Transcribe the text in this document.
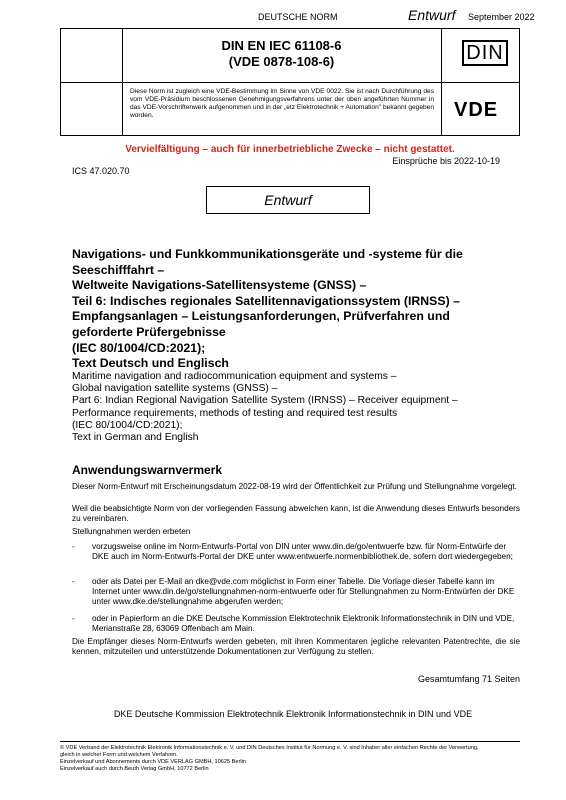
DEUTSCHE NORM	Entwurf September 2022
DIN EN IEC 61108-6
(VDE 0878-108-6)	DIN
VDE
Diese Norm ist zugleich eine VDE-Bestimmung im Sinne von VDE 0022. Sie ist nach Durchführung des vom VDE-Präsidium beschlossenen Genehmigungsverfahrens unter der oben angeführten Nummer in das VDE-Vorschriftenwerk aufgenommen und in der „etz Elektrotechnik + Automation" bekannt gegeben worden.
Vervielfältigung – auch für innerbetriebliche Zwecke – nicht gestattet.
Einsprüche bis 2022-10-19
ICS 47.020.70
Entwurf
Navigations- und Funkkommunikationsgeräte und -systeme für die
Seeschifffahrt –
Weltweite Navigations-Satellitensysteme (GNSS) –
Teil 6: Indisches regionales Satellitennavigationssystem (IRNSS) –
Empfangsanlagen – Leistungsanforderungen, Prüfverfahren und
geforderte Prüfergebnisse
(IEC 80/1004/CD:2021);
Text Deutsch und Englisch
Maritime navigation and radiocommunication equipment and systems –
Global navigation satellite systems (GNSS) –
Part 6: Indian Regional Navigation Satellite System (IRNSS) – Receiver equipment –
Performance requirements, methods of testing and required test results
(IEC 80/1004/CD:2021);
Text in German and English
Anwendungswarnvermerk
Dieser Norm-Entwurf mit Erscheinungsdatum 2022-08-19 wird der Öffentlichkeit zur Prüfung und Stellungnahme vorgelegt.
Weil die beabsichtigte Norm von der vorliegenden Fassung abweichen kann, ist die Anwendung dieses Entwurfs besonders zu vereinbaren.
Stellungnahmen werden erbeten
- vorzugsweise online im Norm-Entwurfs-Portal von DIN unter www.din.de/go/entwuerfe bzw. für Norm-Entwürfe der DKE auch im Norm-Entwurfs-Portal der DKE unter www.entwuerfe.normenbibliothek.de, sofern dort wiedergegeben;
- oder als Datei per E-Mail an dke@vde.com möglichst in Form einer Tabelle. Die Vorlage dieser Tabelle kann im Internet unter www.din.de/go/stellungnahmen-norm-entwuerfe oder für Stellungnahmen zu Norm-Entwürfen der DKE unter www.dke.de/stellungnahme abgerufen werden;
- oder in Papierform an die DKE Deutsche Kommission Elektrotechnik Elektronik Informationstechnik in DIN und VDE, Merianstraße 28, 63069 Offenbach am Main.
Die Empfänger dieses Norm-Entwurfs werden gebeten, mit ihren Kommentaren jegliche relevanten Patentrechte, die sie kennen, mitzuteilen und unterstützende Dokumentationen zur Verfügung zu stellen.
Gesamtumfang 71 Seiten
DKE Deutsche Kommission Elektrotechnik Elektronik Informationstechnik in DIN und VDE
© VDE Verband der Elektrotechnik Elektronik Informationstechnik e. V. und DIN Deutsches Institut für Normung e. V. sind Inhaber aller einfachen Rechte der Verwertung,
gleich in welcher Form und welchem Verfahren.
Einzelverkauf und Abonnements durch VDE VERLAG GMBH, 10625 Berlin
Einzelverkauf auch durch Beuth Verlag GmbH, 10772 Berlin
